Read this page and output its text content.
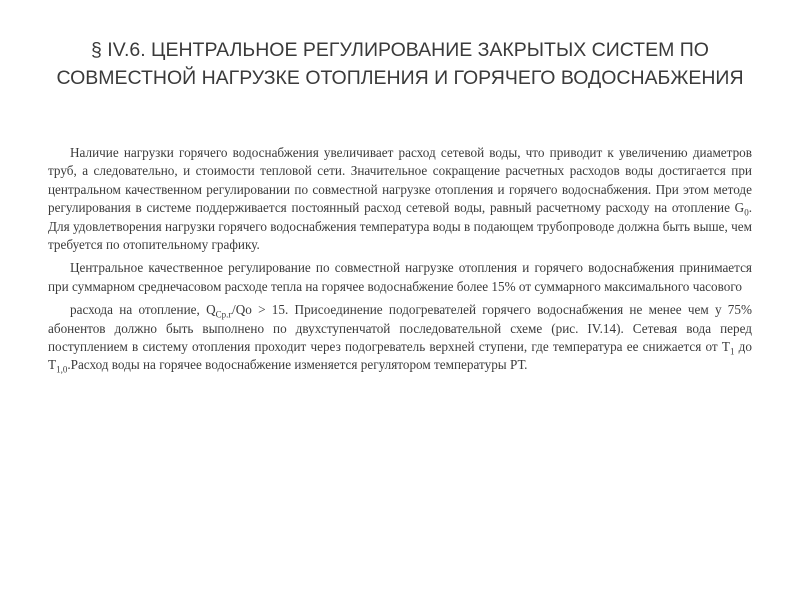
§ IV.6. ЦЕНТРАЛЬНОЕ РЕГУЛИРОВАНИЕ ЗАКРЫТЫХ СИСТЕМ ПО
СОВМЕСТНОЙ НАГРУЗКЕ ОТОПЛЕНИЯ И ГОРЯЧЕГО ВОДОСНАБЖЕНИЯ

Наличие нагрузки горячего водоснабжения увеличивает расход сетевой воды, что приводит к увеличению диаметров труб, а следовательно, и стоимости тепловой сети. Значительное сокращение расчетных расходов воды достигается при центральном качественном регулировании по совместной нагрузке отопления и горячего водоснабжения. При этом методе регулирования в системе поддерживается постоянный расход сетевой воды, равный расчетному расходу на отопление $G_0$. Для удовлетворения нагрузки горячего водоснабжения температура воды в подающем трубопроводе должна быть выше, чем требуется по отопительному графику.

Центральное качественное регулирование по совместной нагрузке отопления и горячего водоснабжения принимается при суммарном среднечасовом расходе тепла на горячее водоснабжение более 15% от суммарного максимального часового

расхода на отопление, $Q_{Ср.г}/Qо > 15$. Присоединение подогревателей горячего водоснабжения не менее чем у 75% абонентов должно быть выполнено по двухступенчатой последовательной схеме (рис. IV.14). Сетевая вода перед поступлением в систему отопления проходит через подогреватель верхней ступени, где температура ее снижается от $Т_1$ до $Т_{1,0}.Расход$ воды на горячее водоснабжение изменяется регулятором температуры РТ.
